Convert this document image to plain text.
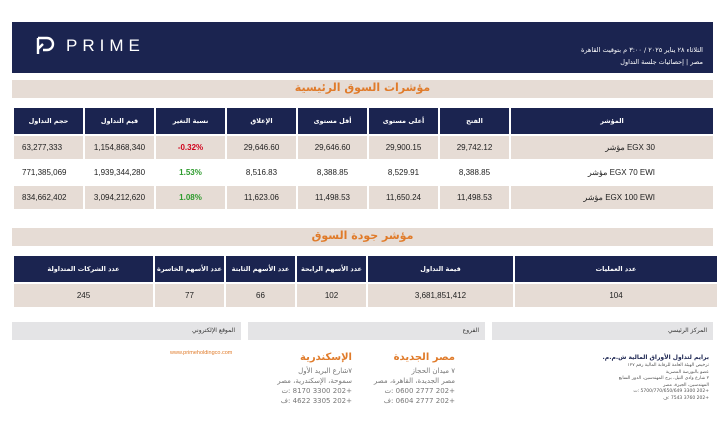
PRIME	الثلاثاء ٢٨ يناير ٢٠٢٥ / ٣:٠٠ م بتوقيت القاهرة
مصر | إحصائيات جلسة التداول
مؤشرات السوق الرئيسية
المؤشر	الفتح	أعلى مستوى	أقل مستوى	الإغلاق	نسبة التغير	قيم التداول	حجم التداول
مؤشر EGX 30	29,742.12	29,900.15	29,646.60	29,646.60	-0.32%	1,154,868,340	63,277,333
مؤشر EGX 70 EWI	8,388.85	8,529.91	8,388.85	8,516.83	1.53%	1,939,344,280	771,385,069
مؤشر EGX 100 EWI	11,498.53	11,650.24	11,498.53	11,623.06	1.08%	3,094,212,620	834,662,402
مؤشر جودة السوق
عدد العمليات	قيمة التداول	عدد الأسهم الرابحة	عدد الأسهم الثابتة	عدد الأسهم الخاسرة	عدد الشركات المتداولة
104	3,681,851,412	102	66	77	245
المركز الرئيسي
الفروع
الموقع الإلكتروني
www.primeholdingco.com	مصر الجديدة
٧ ميدان الحجاز
مصر الجديدة، القاهرة، مصر
+202 2777 0600 :ت
+202 2777 0604 :ف
الإسكندرية
٧شارع البريد الأول
سموحة، الإسكندرية، مصر
+202 3300 8170 :ت
+202 3305 4622 :ف
برايم لتداول الأوراق المالية ش.م.م.
ترخيص الهيئة العامة للرقابة المالية رقم ١٢٧
عضو بالبورصة المصرية
٢ شارع وادي النيل، برج المهندسين، الدور السابع
المهندسين، الجيزة، مصر
+202 3300 5700/770/650/649 :ت
+202 3760 7543 :ف
